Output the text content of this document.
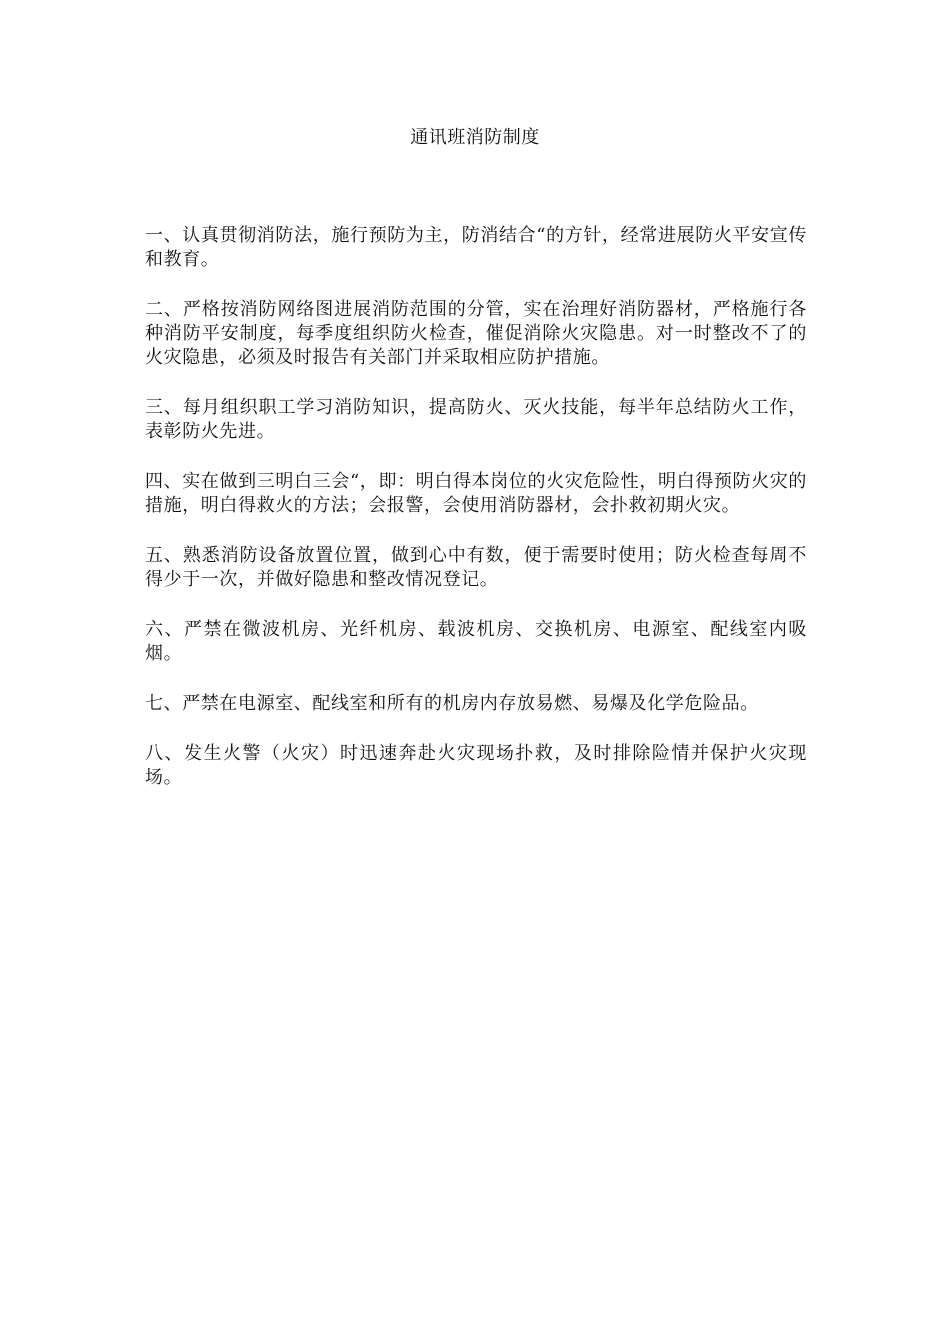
通讯班消防制度

一、认真贯彻消防法，施行预防为主，防消结合“的方针，经常进展防火平安宣传和教育。

二、严格按消防网络图进展消防范围的分管，实在治理好消防器材，严格施行各种消防平安制度，每季度组织防火检查，催促消除火灾隐患。对一时整改不了的火灾隐患，必须及时报告有关部门并采取相应防护措施。

三、每月组织职工学习消防知识，提高防火、灭火技能，每半年总结防火工作，表彰防火先进。

四、实在做到三明白三会“，即：明白得本岗位的火灾危险性，明白得预防火灾的措施，明白得救火的方法；会报警，会使用消防器材，会扑救初期火灾。

五、熟悉消防设备放置位置，做到心中有数，便于需要时使用；防火检查每周不得少于一次，并做好隐患和整改情况登记。

六、严禁在微波机房、光纤机房、载波机房、交换机房、电源室、配线室内吸烟。

七、严禁在电源室、配线室和所有的机房内存放易燃、易爆及化学危险品。

八、发生火警（火灾）时迅速奔赴火灾现场扑救，及时排除险情并保护火灾现场。
